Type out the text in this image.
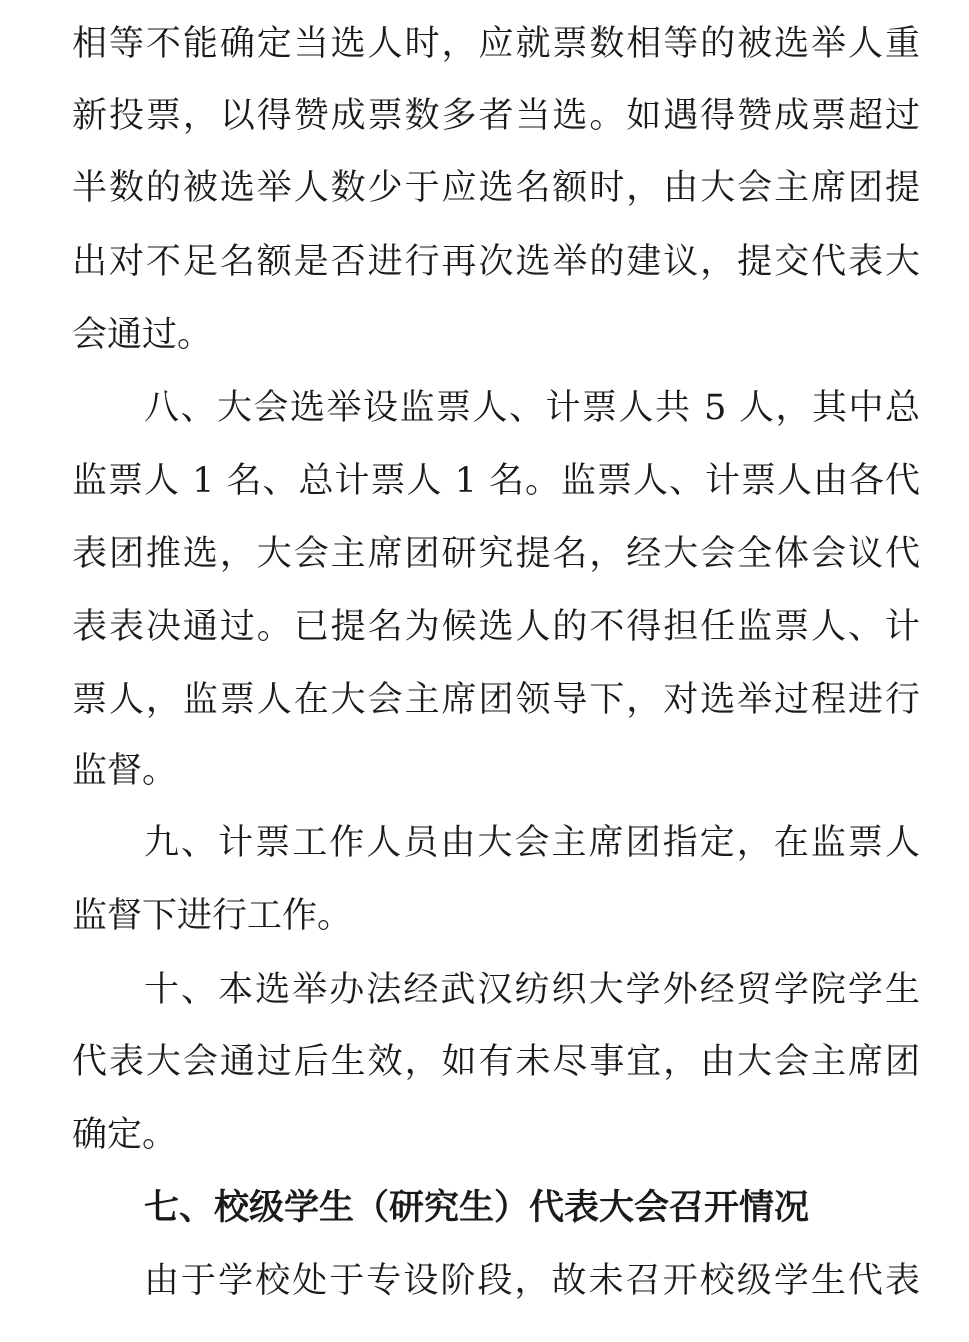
相等不能确定当选人时，应就票数相等的被选举人重
新投票，以得赞成票数多者当选。如遇得赞成票超过
半数的被选举人数少于应选名额时，由大会主席团提
出对不足名额是否进行再次选举的建议，提交代表大
会通过。
八、大会选举设监票人、计票人共 5 人，其中总
监票人 1 名、总计票人 1 名。监票人、计票人由各代
表团推选，大会主席团研究提名，经大会全体会议代
表表决通过。已提名为候选人的不得担任监票人、计
票人，监票人在大会主席团领导下，对选举过程进行
监督。
九、计票工作人员由大会主席团指定，在监票人
监督下进行工作。
十、本选举办法经武汉纺织大学外经贸学院学生
代表大会通过后生效，如有未尽事宜，由大会主席团
确定。
七、校级学生（研究生）代表大会召开情况
由于学校处于专设阶段，故未召开校级学生代表
